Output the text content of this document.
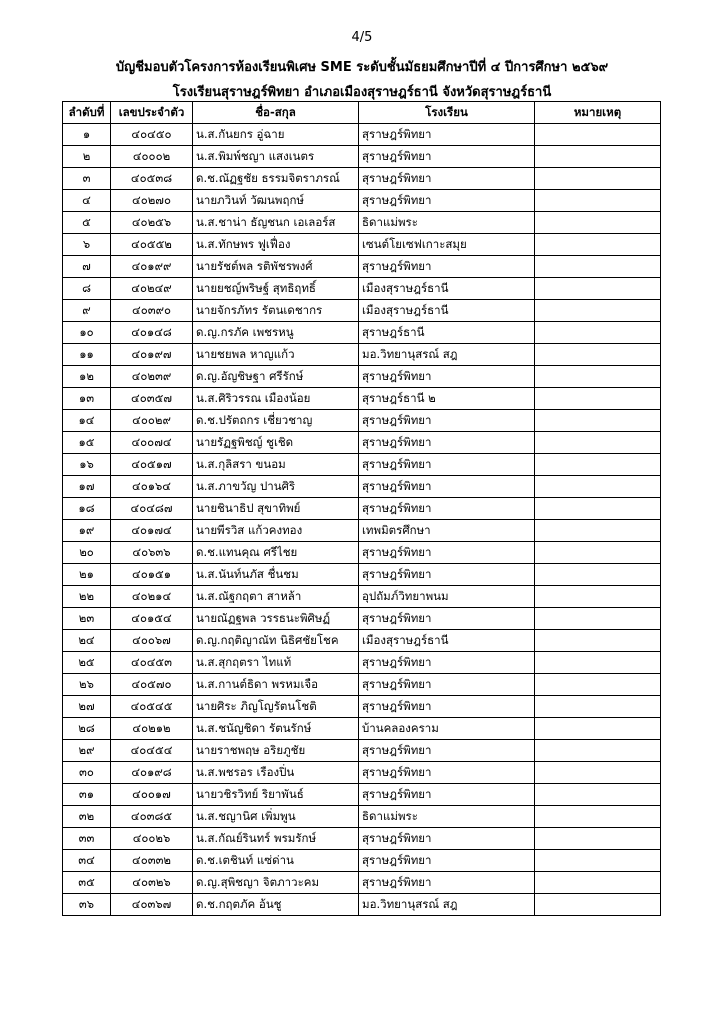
4/5
บัญชีมอบตัวโครงการห้องเรียนพิเศษ SME ระดับชั้นมัธยมศึกษาปีที่ ๔ ปีการศึกษา ๒๕๖๙
โรงเรียนสุราษฎร์พิทยา อำเภอเมืองสุราษฎร์ธานี จังหวัดสุราษฎร์ธานี
ลำดับที่	เลขประจำตัว	ชื่อ-สกุล	โรงเรียน	หมายเหตุ
๑	๔๐๔๕๐	น.ส.กันยกร อู่ฉาย	สุราษฎร์พิทยา	
๒	๔๐๐๐๒	น.ส.พิมพ์ชญา แสงเนตร	สุราษฎร์พิทยา	
๓	๔๐๕๓๘	ด.ช.ณัฏฐชัย ธรรมจิตราภรณ์	สุราษฎร์พิทยา	
๔	๔๐๒๗๐	นายภวินท์ วัฒนพฤกษ์	สุราษฎร์พิทยา	
๕	๔๐๒๕๖	น.ส.ชาน่า ธัญชนก เอเลอร์ส	ธิดาแม่พระ	
๖	๔๐๕๕๒	น.ส.ทักษพร ฟูเฟื่อง	เซนต์โยเซฟเกาะสมุย	
๗	๔๐๑๙๙	นายรัชต์พล รติพัชรพงศ์	สุราษฎร์พิทยา	
๘	๔๐๒๔๙	นายยชญ์พริษฐ์ สุทธิฤทธิ์	เมืองสุราษฎร์ธานี	
๙	๔๐๓๙๐	นายจักรภัทร รัตนเดชากร	เมืองสุราษฎร์ธานี	
๑๐	๔๐๑๔๘	ด.ญ.กรภัค เพชรหนู	สุราษฎร์ธานี	
๑๑	๔๐๑๙๗	นายชยพล หาญแก้ว	มอ.วิทยานุสรณ์ สฎ	
๑๒	๔๐๒๓๙	ด.ญ.อัญชิษฐา ศรีรักษ์	สุราษฎร์พิทยา	
๑๓	๔๐๓๕๗	น.ส.ศิริวรรณ เมืองน้อย	สุราษฎร์ธานี ๒	
๑๔	๔๐๐๒๙	ด.ช.ปรัตถกร เชี่ยวชาญ	สุราษฎร์พิทยา	
๑๕	๔๐๐๗๔	นายรัฏฐพิชญ์ ชูเชิด	สุราษฎร์พิทยา	
๑๖	๔๐๕๑๗	น.ส.กุลิสรา ขนอม	สุราษฎร์พิทยา	
๑๗	๔๐๑๖๔	น.ส.ภาขวัญ ปานศิริ	สุราษฎร์พิทยา	
๑๘	๔๐๔๘๗	นายชินาธิป สุขาทิพย์	สุราษฎร์พิทยา	
๑๙	๔๐๑๗๔	นายพีรวิส แก้วคงทอง	เทพมิตรศึกษา	
๒๐	๔๐๖๓๖	ด.ช.แทนคุณ ศรีไชย	สุราษฎร์พิทยา	
๒๑	๔๐๑๕๑	น.ส.นันท์นภัส ชื่นชม	สุราษฎร์พิทยา	
๒๒	๔๐๒๑๔	น.ส.ณัฐกฤตา สาหล้า	อุปถัมภ์วิทยาพนม	
๒๓	๔๐๑๕๔	นายณัฏฐพล วรรธนะพิศิษฏ์	สุราษฎร์พิทยา	
๒๔	๔๐๐๖๗	ด.ญ.กฤติญาณัท นิธิศชัยโชค	เมืองสุราษฎร์ธานี	
๒๕	๔๐๔๕๓	น.ส.สุกฤตรา ไทแท้	สุราษฎร์พิทยา	
๒๖	๔๐๕๗๐	น.ส.กานต์ธิดา พรหมเจือ	สุราษฎร์พิทยา	
๒๗	๔๐๕๔๕	นายศิระ ภิญโญรัตนโชติ	สุราษฎร์พิทยา	
๒๘	๔๐๒๑๒	น.ส.ชนัญชิดา รัตนรักษ์	บ้านคลองคราม	
๒๙	๔๐๔๕๔	นายราชพฤษ อริยภูชัย	สุราษฎร์พิทยา	
๓๐	๔๐๑๙๘	น.ส.พชรอร เรืองปิ่น	สุราษฎร์พิทยา	
๓๑	๔๐๐๑๗	นายวชิรวิทย์ ริยาพันธ์	สุราษฎร์พิทยา	
๓๒	๔๐๓๘๕	น.ส.ชญานิศ เพิ่มพูน	ธิดาแม่พระ	
๓๓	๔๐๐๒๖	น.ส.กัณย์รินทร์ พรมรักษ์	สุราษฎร์พิทยา	
๓๔	๔๐๓๓๒	ด.ช.เตชินท์ แซ่ด่าน	สุราษฎร์พิทยา	
๓๕	๔๐๓๒๖	ด.ญ.สุพิชญา จิตภาวะคม	สุราษฎร์พิทยา	
๓๖	๔๐๓๖๗	ด.ช.กฤตภัค อ้นชู	มอ.วิทยานุสรณ์ สฎ	
